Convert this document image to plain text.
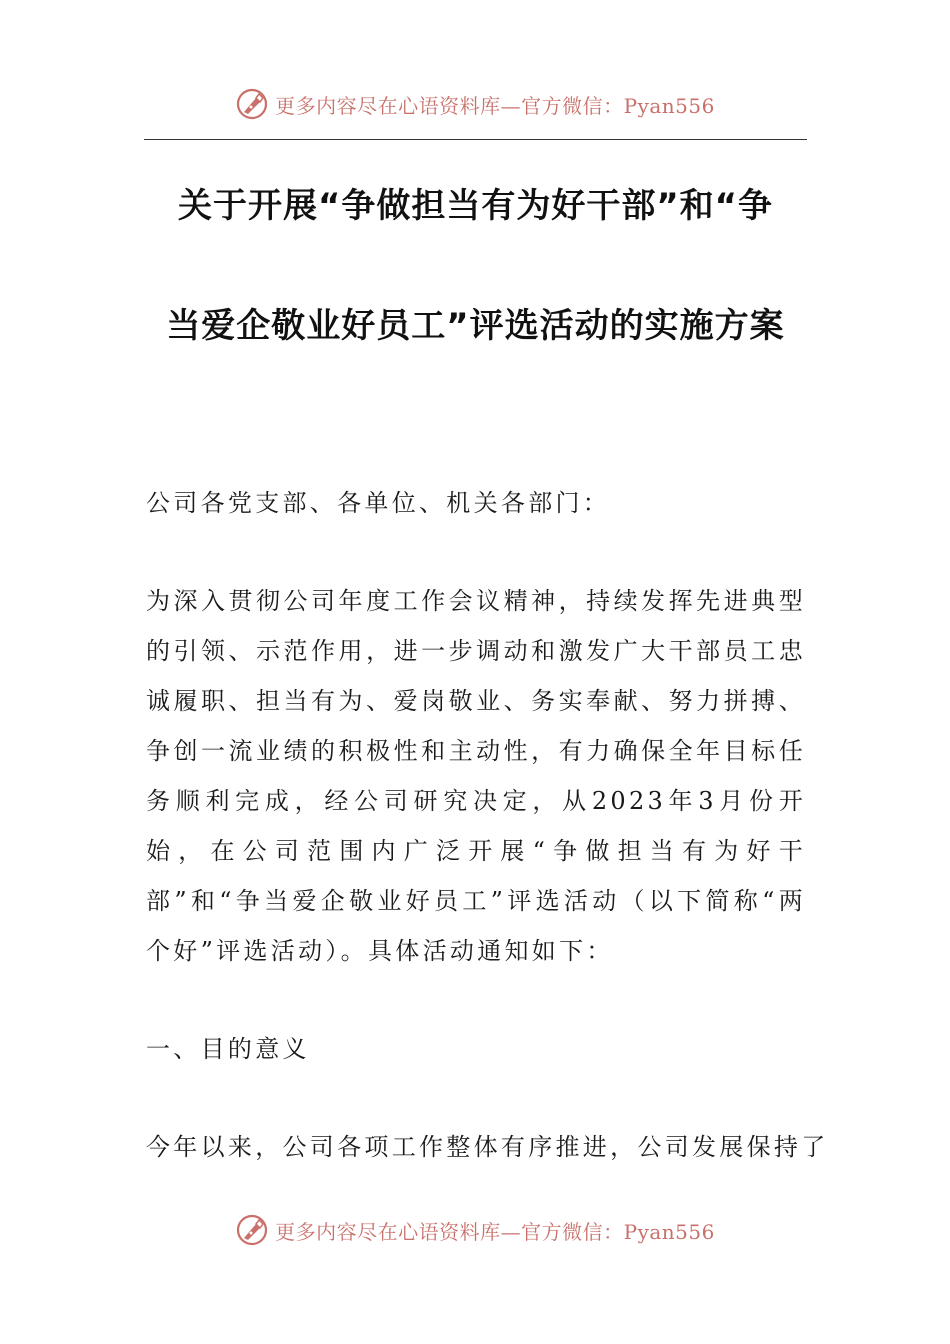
更多内容尽在心语资料库—官方微信：Pyan556
关于开展“争做担当有为好干部”和“争
当爱企敬业好员工”评选活动的实施方案

公司各党支部、各单位、机关各部门：

为深入贯彻公司年度工作会议精神，持续发挥先进典型的引领、示范作用，进一步调动和激发广大干部员工忠诚履职、担当有为、爱岗敬业、务实奉献、努力拼搏、争创一流业绩的积极性和主动性，有力确保全年目标任务顺利完成，经公司研究决定，从2023年3月份开始，在公司范围内广泛开展“争做担当有为好干部”和“争当爱企敬业好员工”评选活动（以下简称“两个好”评选活动）。具体活动通知如下：

一、目的意义

今年以来，公司各项工作整体有序推进，公司发展保持了

更多内容尽在心语资料库—官方微信：Pyan556
